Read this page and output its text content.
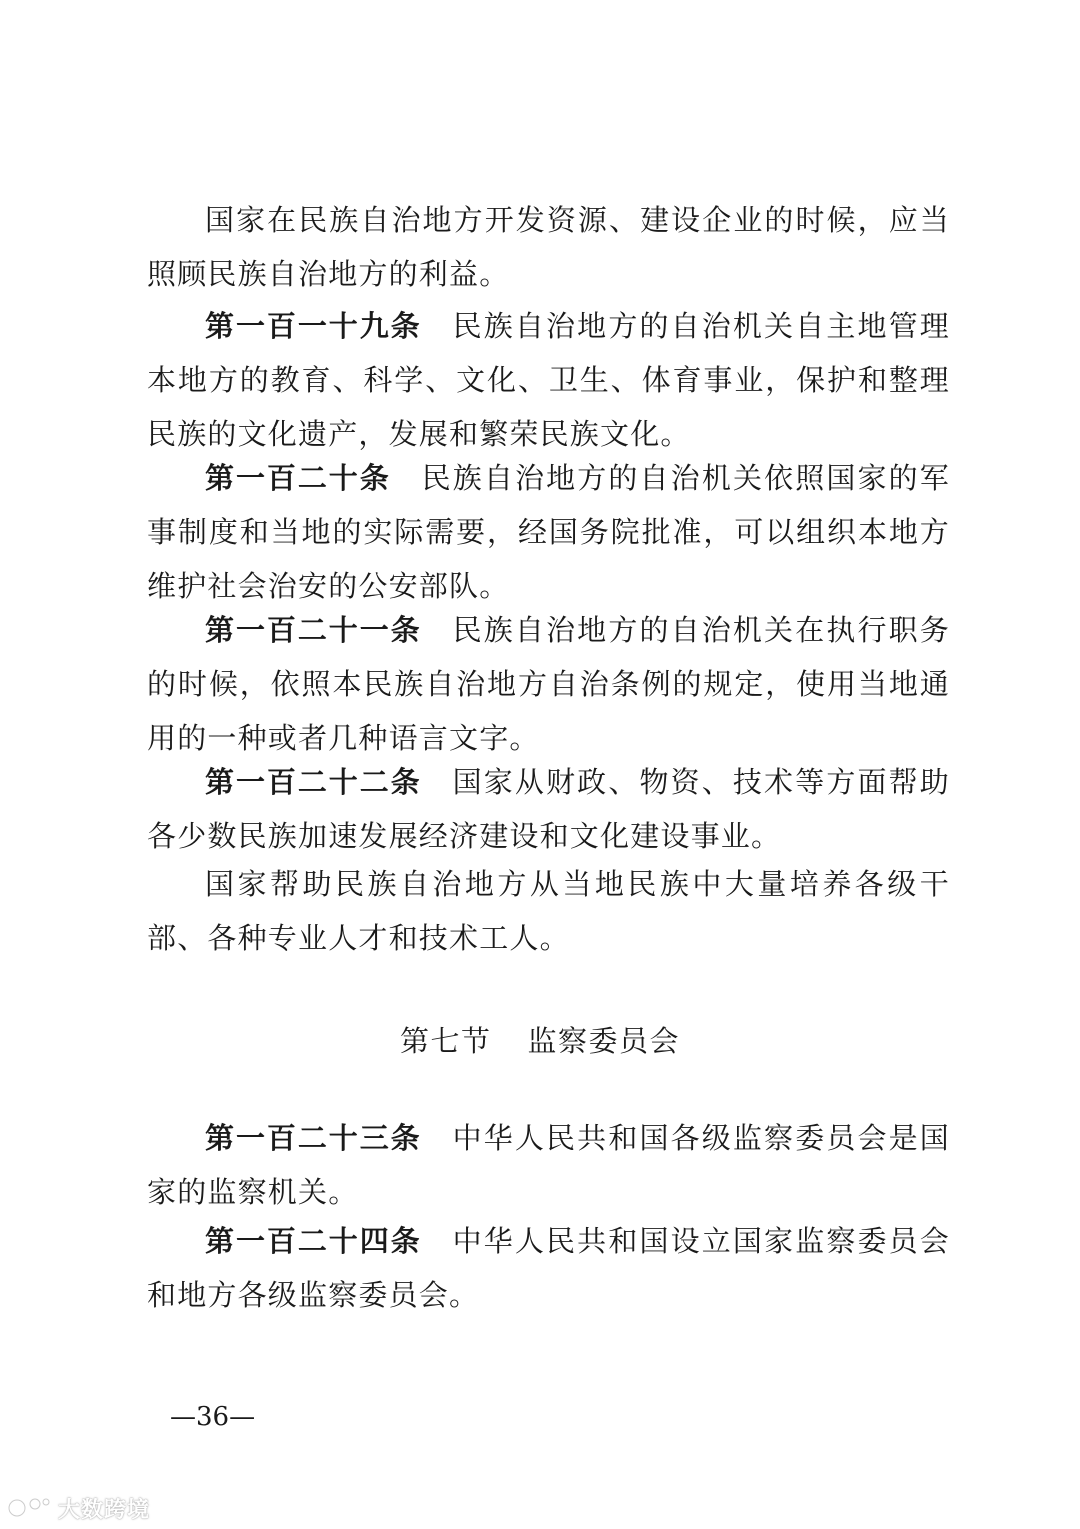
国家在民族自治地方开发资源、建设企业的时候，应当照顾民族自治地方的利益。

第一百一十九条 民族自治地方的自治机关自主地管理本地方的教育、科学、文化、卫生、体育事业，保护和整理民族的文化遗产，发展和繁荣民族文化。

第一百二十条 民族自治地方的自治机关依照国家的军事制度和当地的实际需要，经国务院批准，可以组织本地方维护社会治安的公安部队。

第一百二十一条 民族自治地方的自治机关在执行职务的时候，依照本民族自治地方自治条例的规定，使用当地通用的一种或者几种语言文字。

第一百二十二条 国家从财政、物资、技术等方面帮助各少数民族加速发展经济建设和文化建设事业。

国家帮助民族自治地方从当地民族中大量培养各级干部、各种专业人才和技术工人。

第七节 监察委员会

第一百二十三条 中华人民共和国各级监察委员会是国家的监察机关。

第一百二十四条 中华人民共和国设立国家监察委员会和地方各级监察委员会。

—36—
大数跨境
